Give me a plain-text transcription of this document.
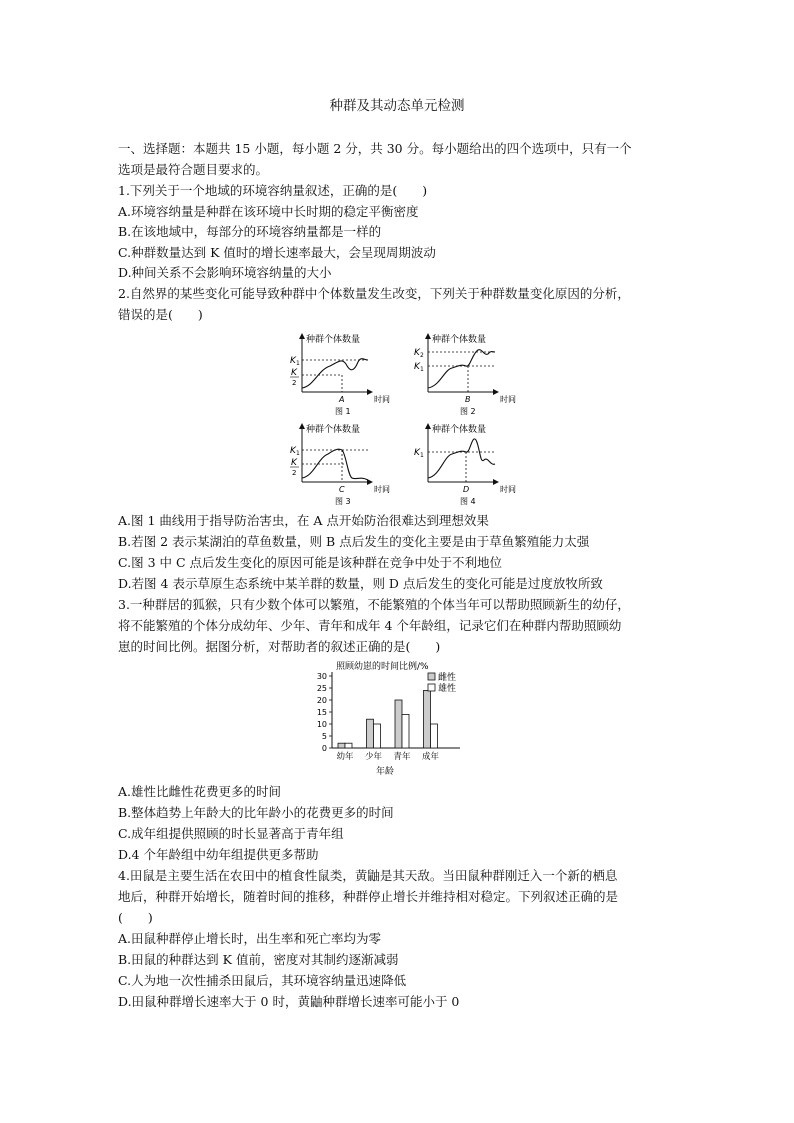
种群及其动态单元检测
一、选择题：本题共 15 小题，每小题 2 分，共 30 分。每小题给出的四个选项中，只有一个
选项是最符合题目要求的。
1.下列关于一个地域的环境容纳量叙述，正确的是(　　)
A.环境容纳量是种群在该环境中长时期的稳定平衡密度
B.在该地域中，每部分的环境容纳量都是一样的
C.种群数量达到 K 值时的增长速率最大，会呈现周期波动
D.种间关系不会影响环境容纳量的大小
2.自然界的某些变化可能导致种群中个体数量发生改变，下列关于种群数量变化原因的分析，
错误的是(　　)
种群个体数量
时间
K 1
K
2
A
图 1
种群个体数量
时间
K 2
K 1
B
图 2
种群个体数量
时间
K 1
K
2
C
图 3
种群个体数量
时间
K 1
D
图 4
A.图 1 曲线用于指导防治害虫，在 A 点开始防治很难达到理想效果
B.若图 2 表示某湖泊的草鱼数量，则 B 点后发生的变化主要是由于草鱼繁殖能力太强
C.图 3 中 C 点后发生变化的原因可能是该种群在竞争中处于不利地位
D.若图 4 表示草原生态系统中某羊群的数量，则 D 点后发生的变化可能是过度放牧所致
3.一种群居的狐猴，只有少数个体可以繁殖，不能繁殖的个体当年可以帮助照顾新生的幼仔，
将不能繁殖的个体分成幼年、少年、青年和成年 4 个年龄组，记录它们在种群内帮助照顾幼
崽的时间比例。据图分析，对帮助者的叙述正确的是(　　)
照顾幼崽的时间比例/%
年龄
0
5
10
15
20
25
30
幼年 少年 青年 成年
雌性
雄性
A.雄性比雌性花费更多的时间
B.整体趋势上年龄大的比年龄小的花费更多的时间
C.成年组提供照顾的时长显著高于青年组
D.4 个年龄组中幼年组提供更多帮助
4.田鼠是主要生活在农田中的植食性鼠类，黄鼬是其天敌。当田鼠种群刚迁入一个新的栖息
地后，种群开始增长，随着时间的推移，种群停止增长并维持相对稳定。下列叙述正确的是
(　　)
A.田鼠种群停止增长时，出生率和死亡率均为零
B.田鼠的种群达到 K 值前，密度对其制约逐渐减弱
C.人为地一次性捕杀田鼠后，其环境容纳量迅速降低
D.田鼠种群增长速率大于 0 时，黄鼬种群增长速率可能小于 0
